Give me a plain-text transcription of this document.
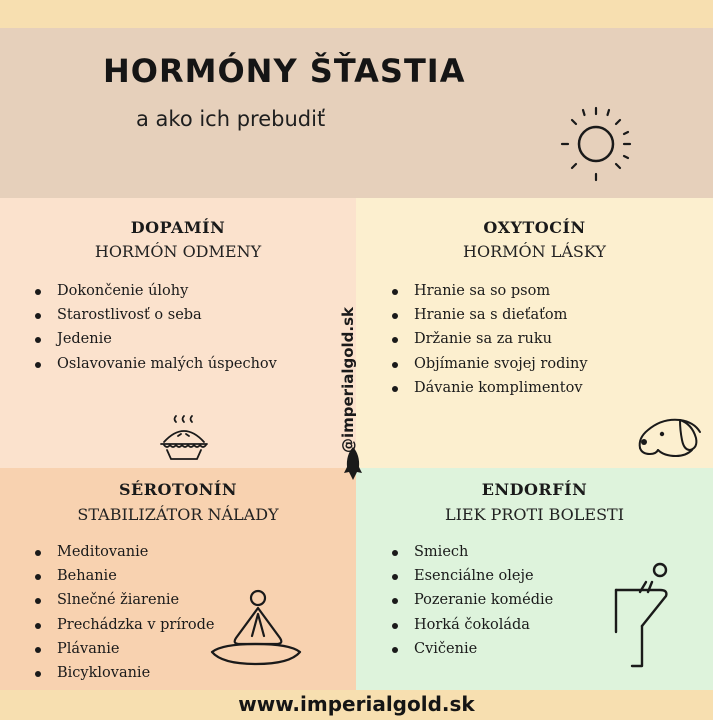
HORMÓNY ŠŤASTIA
a ako ich prebudiť
DOPAMÍN
HORMÓN ODMENY
Dokončenie úlohy
Starostlivosť o seba
Jedenie
Oslavovanie malých úspechov
OXYTOCÍN
HORMÓN LÁSKY
Hranie sa so psom
Hranie sa s dieťaťom
Držanie sa za ruku
Objímanie svojej rodiny
Dávanie komplimentov
SÉROTONÍN
STABILIZÁTOR NÁLADY
Meditovanie
Behanie
Slnečné žiarenie
Prechádzka v prírode
Plávanie
Bicyklovanie
ENDORFÍN
LIEK PROTI BOLESTI
Smiech
Esenciálne oleje
Pozeranie komédie
Horká čokoláda
Cvičenie
@imperialgold.sk
www.imperialgold.sk
